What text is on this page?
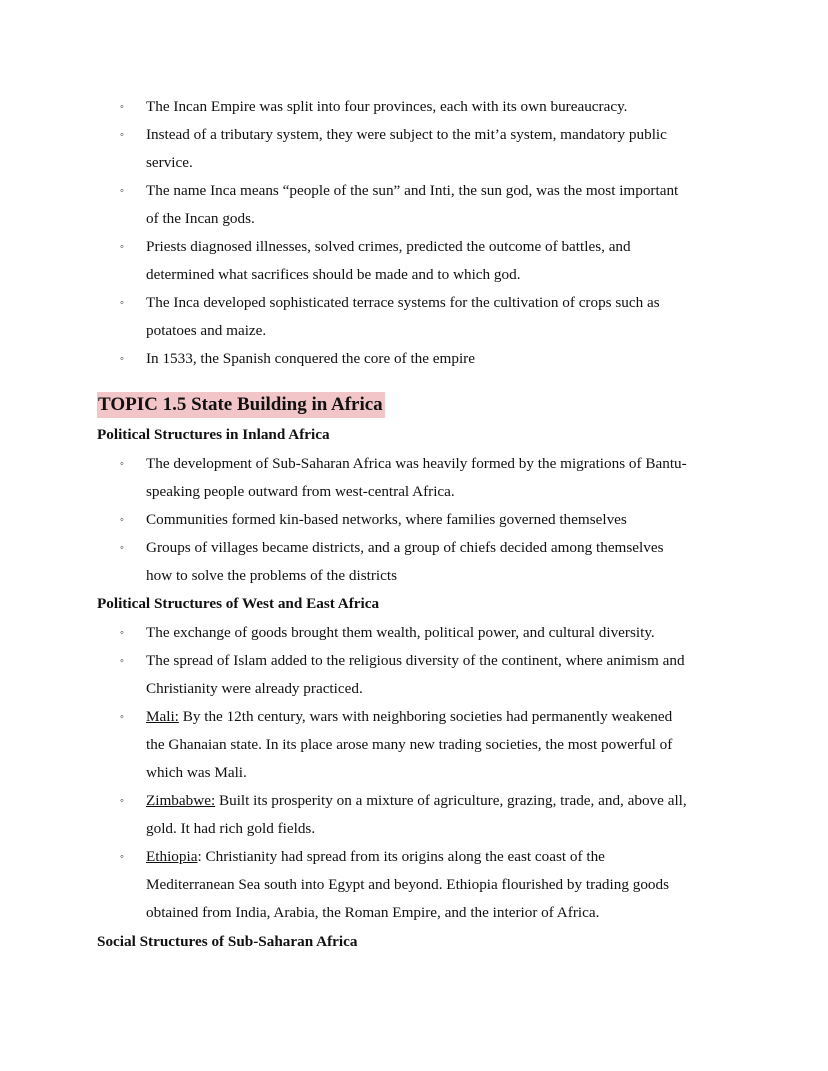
◦ The Incan Empire was split into four provinces, each with its own bureaucracy.
◦ Instead of a tributary system, they were subject to the mit’a system, mandatory public
service.
◦ The name Inca means “people of the sun” and Inti, the sun god, was the most important
of the Incan gods.
◦ Priests diagnosed illnesses, solved crimes, predicted the outcome of battles, and
determined what sacrifices should be made and to which god.
◦ The Inca developed sophisticated terrace systems for the cultivation of crops such as
potatoes and maize.
◦ In 1533, the Spanish conquered the core of the empire
TOPIC 1.5 State Building in Africa
Political Structures in Inland Africa
◦ The development of Sub-Saharan Africa was heavily formed by the migrations of Bantu-
speaking people outward from west-central Africa.
◦ Communities formed kin-based networks, where families governed themselves
◦ Groups of villages became districts, and a group of chiefs decided among themselves
how to solve the problems of the districts
Political Structures of West and East Africa
◦ The exchange of goods brought them wealth, political power, and cultural diversity.
◦ The spread of Islam added to the religious diversity of the continent, where animism and
Christianity were already practiced.
◦ Mali: By the 12th century, wars with neighboring societies had permanently weakened
the Ghanaian state. In its place arose many new trading societies, the most powerful of
which was Mali.
◦ Zimbabwe: Built its prosperity on a mixture of agriculture, grazing, trade, and, above all,
gold. It had rich gold fields.
◦ Ethiopia: Christianity had spread from its origins along the east coast of the
Mediterranean Sea south into Egypt and beyond. Ethiopia flourished by trading goods
obtained from India, Arabia, the Roman Empire, and the interior of Africa.
Social Structures of Sub-Saharan Africa
